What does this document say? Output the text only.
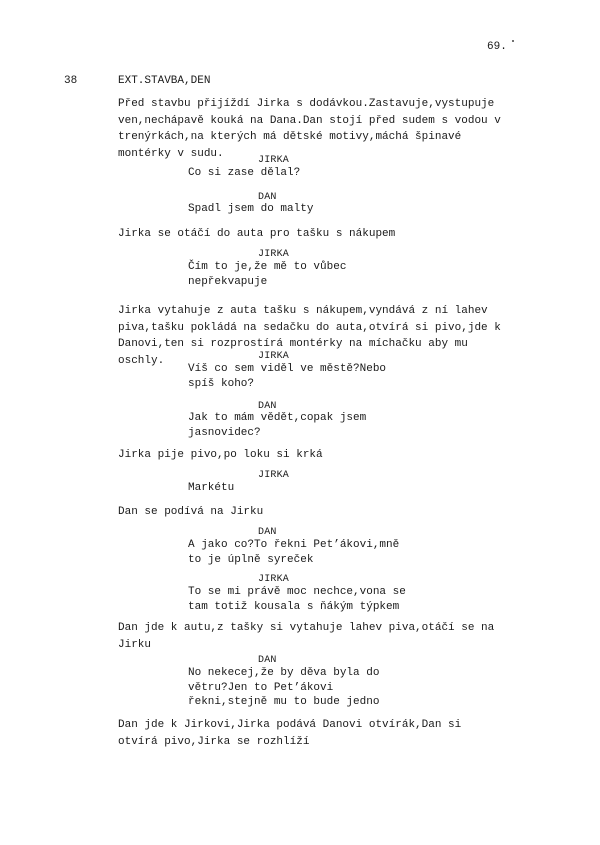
69.
38	EXT.STAVBA,DEN
Před stavbu přijíždí Jirka s dodávkou.Zastavuje,vystupuje
ven,nechápavě kouká na Dana.Dan stojí před sudem s vodou v
trenýrkách,na kterých má dětské motivy,máchá špinavé
montérky v sudu.
JIRKA
Co si zase dělal?
DAN
Spadl jsem do malty
Jirka se otáčí do auta pro tašku s nákupem
JIRKA
Čím to je,že mě to vůbec
nepřekvapuje
Jirka vytahuje z auta tašku s nákupem,vyndává z ní lahev
piva,tašku pokládá na sedačku do auta,otvírá si pivo,jde k
Danovi,ten si rozprostírá montérky na míchačku aby mu
oschly.	JIRKA
Víš co sem viděl ve městě?Nebo
spíš koho?
DAN
Jak to mám vědět,copak jsem
jasnovidec?
Jirka pije pivo,po loku si krká
JIRKA
Markétu
Dan se podívá na Jirku
DAN
A jako co?To řekni Pet’ákovi,mně
to je úplně syreček
JIRKA
To se mi právě moc nechce,vona se
tam totiž kousala s ňákým týpkem
Dan jde k autu,z tašky si vytahuje lahev piva,otáčí se na
Jirku
DAN
No nekecej,že by děva byla do
větru?Jen to Pet’ákovi
řekni,stejně mu to bude jedno
Dan jde k Jirkovi,Jirka podává Danovi otvírák,Dan si
otvírá pivo,Jirka se rozhlíží
